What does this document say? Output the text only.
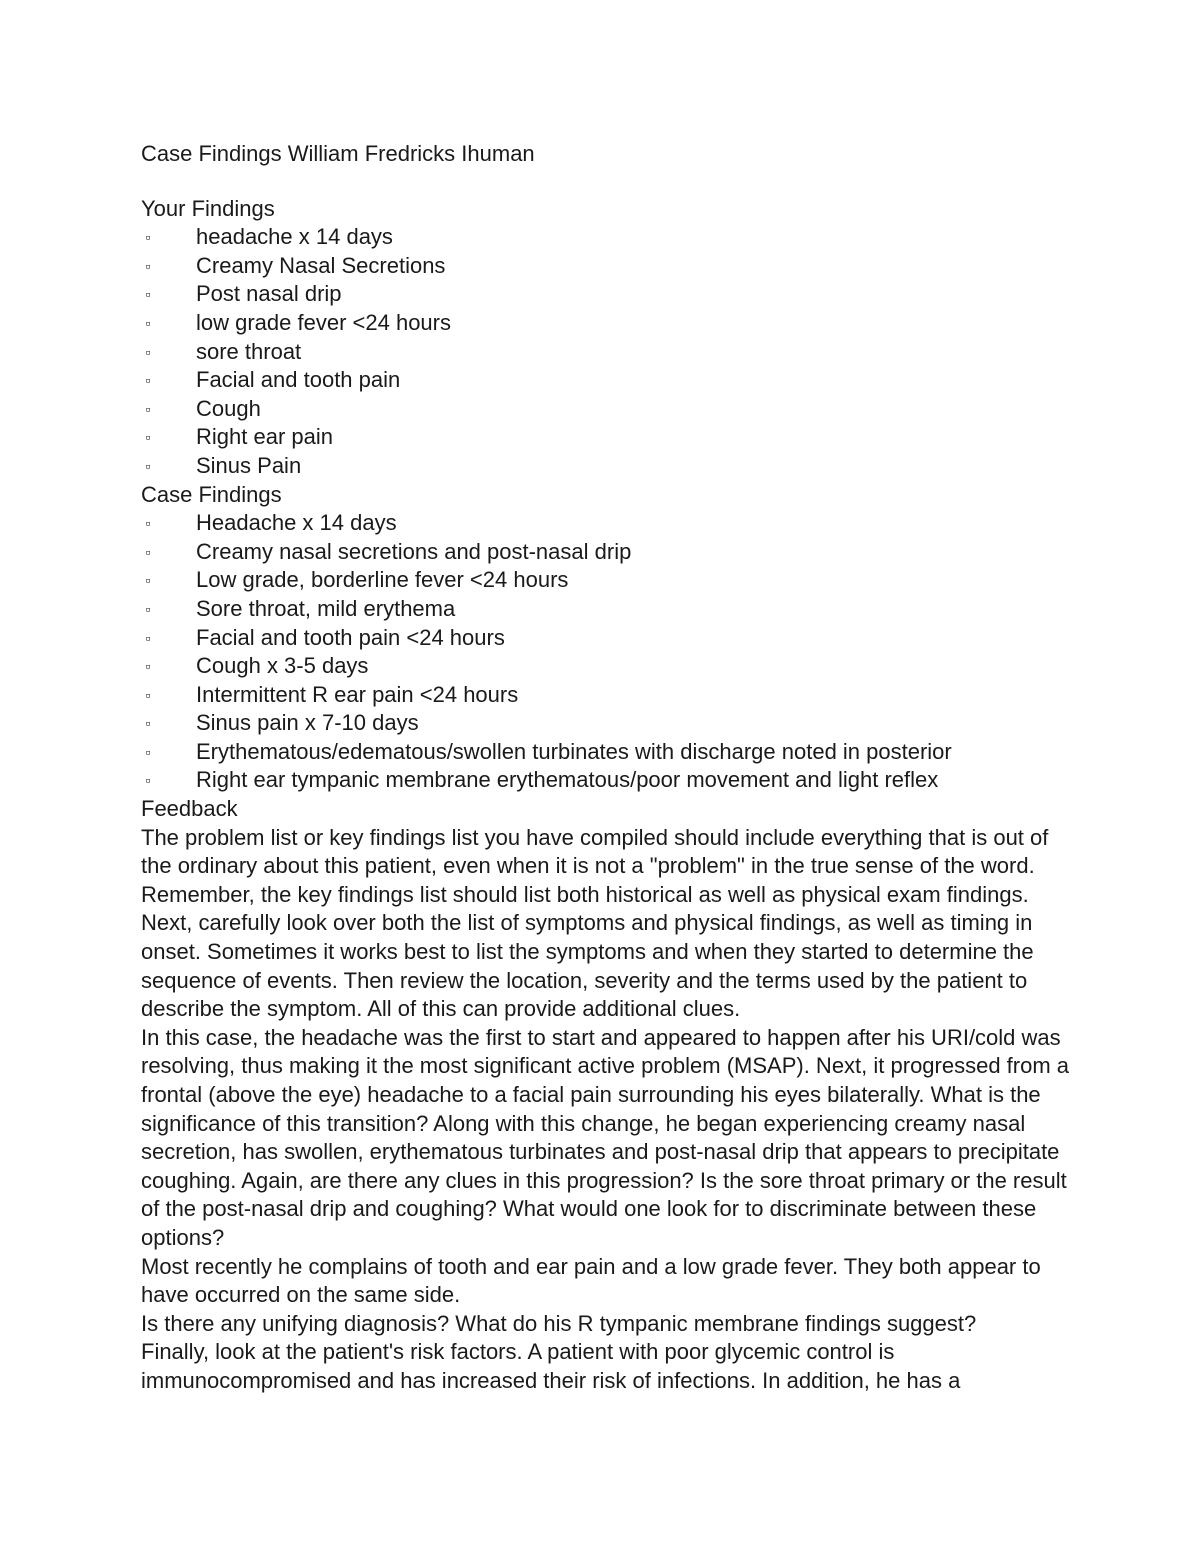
Case Findings William Fredricks Ihuman
Your Findings
▫ headache x 14 days
▫ Creamy Nasal Secretions
▫ Post nasal drip
▫ low grade fever <24 hours
▫ sore throat
▫ Facial and tooth pain
▫ Cough
▫ Right ear pain
▫ Sinus Pain
Case Findings
▫ Headache x 14 days
▫ Creamy nasal secretions and post-nasal drip
▫ Low grade, borderline fever <24 hours
▫ Sore throat, mild erythema
▫ Facial and tooth pain <24 hours
▫ Cough x 3-5 days
▫ Intermittent R ear pain <24 hours
▫ Sinus pain x 7-10 days
▫ Erythematous/edematous/swollen turbinates with discharge noted in posterior
▫ Right ear tympanic membrane erythematous/poor movement and light reflex
Feedback

The problem list or key findings list you have compiled should include everything that is out of the ordinary about this patient, even when it is not a "problem" in the true sense of the word. Remember, the key findings list should list both historical as well as physical exam findings.

Next, carefully look over both the list of symptoms and physical findings, as well as timing in onset. Sometimes it works best to list the symptoms and when they started to determine the sequence of events. Then review the location, severity and the terms used by the patient to describe the symptom. All of this can provide additional clues.

In this case, the headache was the first to start and appeared to happen after his URI/cold was resolving, thus making it the most significant active problem (MSAP). Next, it progressed from a frontal (above the eye) headache to a facial pain surrounding his eyes bilaterally. What is the significance of this transition? Along with this change, he began experiencing creamy nasal secretion, has swollen, erythematous turbinates and post-nasal drip that appears to precipitate coughing. Again, are there any clues in this progression? Is the sore throat primary or the result of the post-nasal drip and coughing? What would one look for to discriminate between these options?

Most recently he complains of tooth and ear pain and a low grade fever. They both appear to have occurred on the same side.

Is there any unifying diagnosis? What do his R tympanic membrane findings suggest?

Finally, look at the patient's risk factors. A patient with poor glycemic control is immunocompromised and has increased their risk of infections. In addition, he has a
